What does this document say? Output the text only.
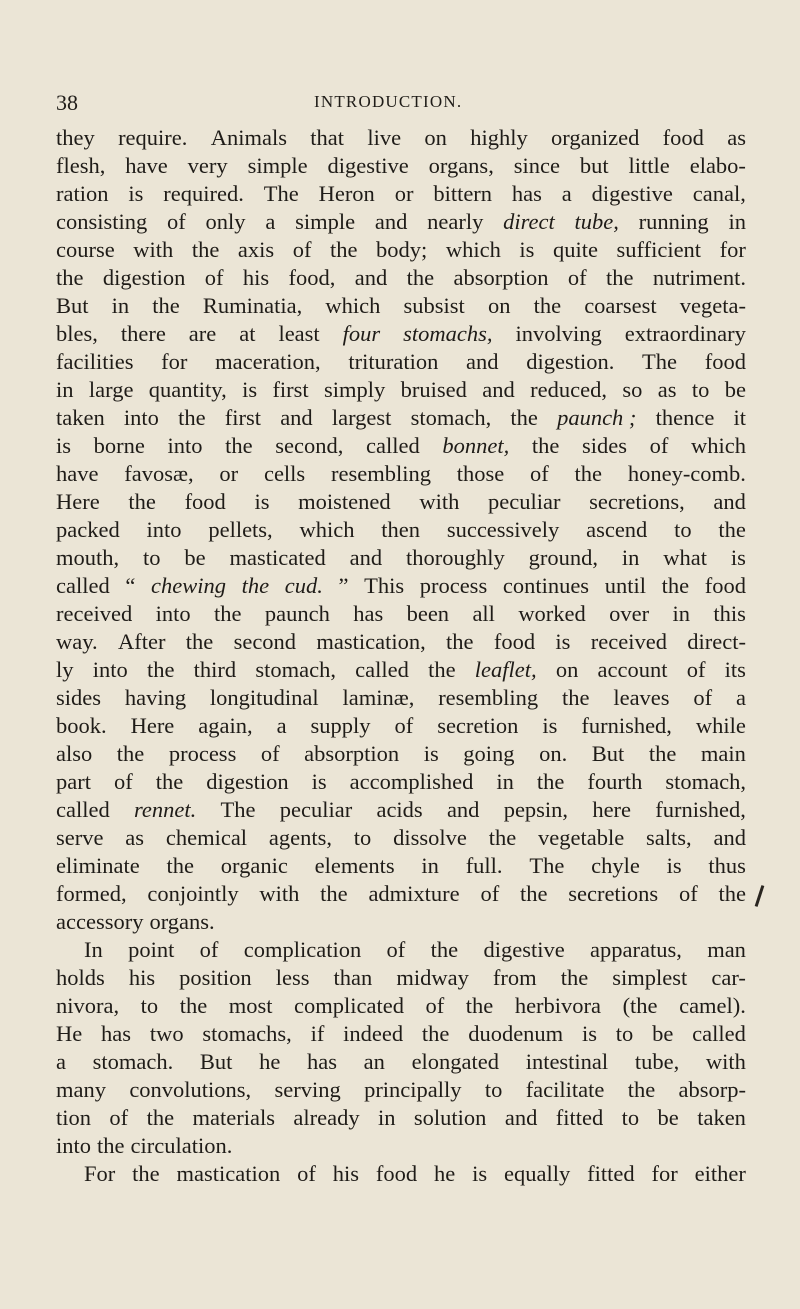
38	INTRODUCTION.
they require. Animals that live on highly organized food as
flesh, have very simple digestive organs, since but little elabo-
ration is required. The Heron or bittern has a digestive canal,
consisting of only a simple and nearly direct tube, running in
course with the axis of the body; which is quite sufficient for
the digestion of his food, and the absorption of the nutriment.
But in the Ruminatia, which subsist on the coarsest vegeta-
bles, there are at least four stomachs, involving extraordinary
facilities for maceration, trituration and digestion. The food
in large quantity, is first simply bruised and reduced, so as to be
taken into the first and largest stomach, the paunch ; thence it
is borne into the second, called bonnet, the sides of which
have favosæ, or cells resembling those of the honey-comb.
Here the food is moistened with peculiar secretions, and
packed into pellets, which then successively ascend to the
mouth, to be masticated and thoroughly ground, in what is
called “ chewing the cud. ” This process continues until the food
received into the paunch has been all worked over in this
way. After the second mastication, the food is received direct-
ly into the third stomach, called the leaflet, on account of its
sides having longitudinal laminæ, resembling the leaves of a
book. Here again, a supply of secretion is furnished, while
also the process of absorption is going on. But the main
part of the digestion is accomplished in the fourth stomach,
called rennet. The peculiar acids and pepsin, here furnished,
serve as chemical agents, to dissolve the vegetable salts, and
eliminate the organic elements in full. The chyle is thus
formed, conjointly with the admixture of the secretions of the
accessory organs.
In point of complication of the digestive apparatus, man
holds his position less than midway from the simplest car-
nivora, to the most complicated of the herbivora (the camel).
He has two stomachs, if indeed the duodenum is to be called
a stomach. But he has an elongated intestinal tube, with
many convolutions, serving principally to facilitate the absorp-
tion of the materials already in solution and fitted to be taken
into the circulation.
For the mastication of his food he is equally fitted for either
